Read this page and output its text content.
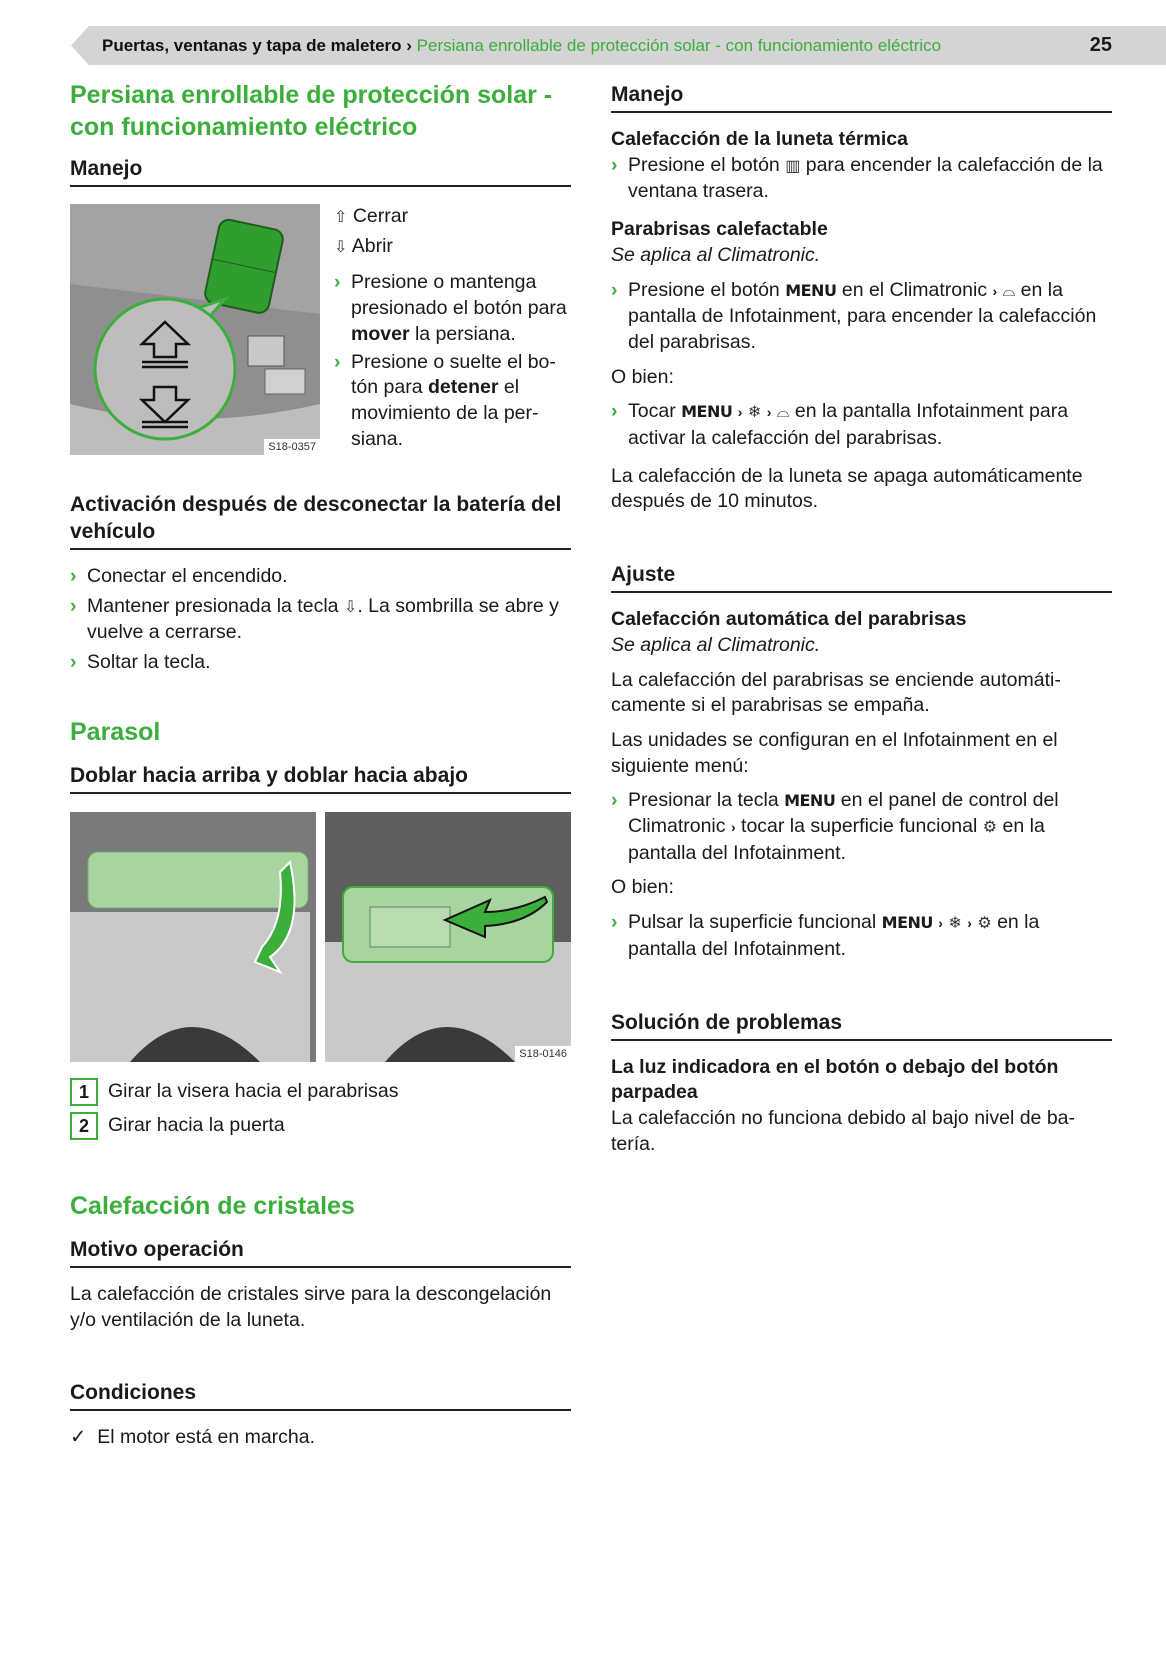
Puertas, ventanas y tapa de maletero › Persiana enrollable de protección solar - con funcionamiento eléctrico	25
Persiana enrollable de protección solar -
con funcionamiento eléctrico
Manejo
S18-0357
⇧ Cerrar
⇩ Abrir
› Presione o mantenga presionado el botón para mover la persiana.
› Presione o suelte el botón para detener el movimiento de la persiana.
Activación después de desconectar la batería del vehículo
› Conectar el encendido.
› Mantener presionada la tecla ⇩. La sombrilla se abre y vuelve a cerrarse.
› Soltar la tecla.
Parasol
Doblar hacia arriba y doblar hacia abajo
S18-0146
1 Girar la visera hacia el parabrisas
2 Girar hacia la puerta
Calefacción de cristales
Motivo operación
La calefacción de cristales sirve para la descongelación y/o ventilación de la luneta.
Condiciones
✓ El motor está en marcha.
Manejo
Calefacción de la luneta térmica
› Presione el botón ▥ para encender la calefacción de la ventana trasera.
Parabrisas calefactable
Se aplica al Climatronic.
› Presione el botón MENU en el Climatronic › ⌓ en la pantalla de Infotainment, para encender la calefacción del parabrisas.
O bien:
› Tocar MENU › ❄ › ⌓ en la pantalla Infotainment para activar la calefacción del parabrisas.
La calefacción de la luneta se apaga automáticamente después de 10 minutos.
Ajuste
Calefacción automática del parabrisas
Se aplica al Climatronic.
La calefacción del parabrisas se enciende automáticamente si el parabrisas se empaña.
Las unidades se configuran en el Infotainment en el siguiente menú:
› Presionar la tecla MENU en el panel de control del Climatronic › tocar la superficie funcional ⚙ en la pantalla del Infotainment.
O bien:
› Pulsar la superficie funcional MENU › ❄ › ⚙ en la pantalla del Infotainment.
Solución de problemas
La luz indicadora en el botón o debajo del botón parpadea
La calefacción no funciona debido al bajo nivel de batería.
